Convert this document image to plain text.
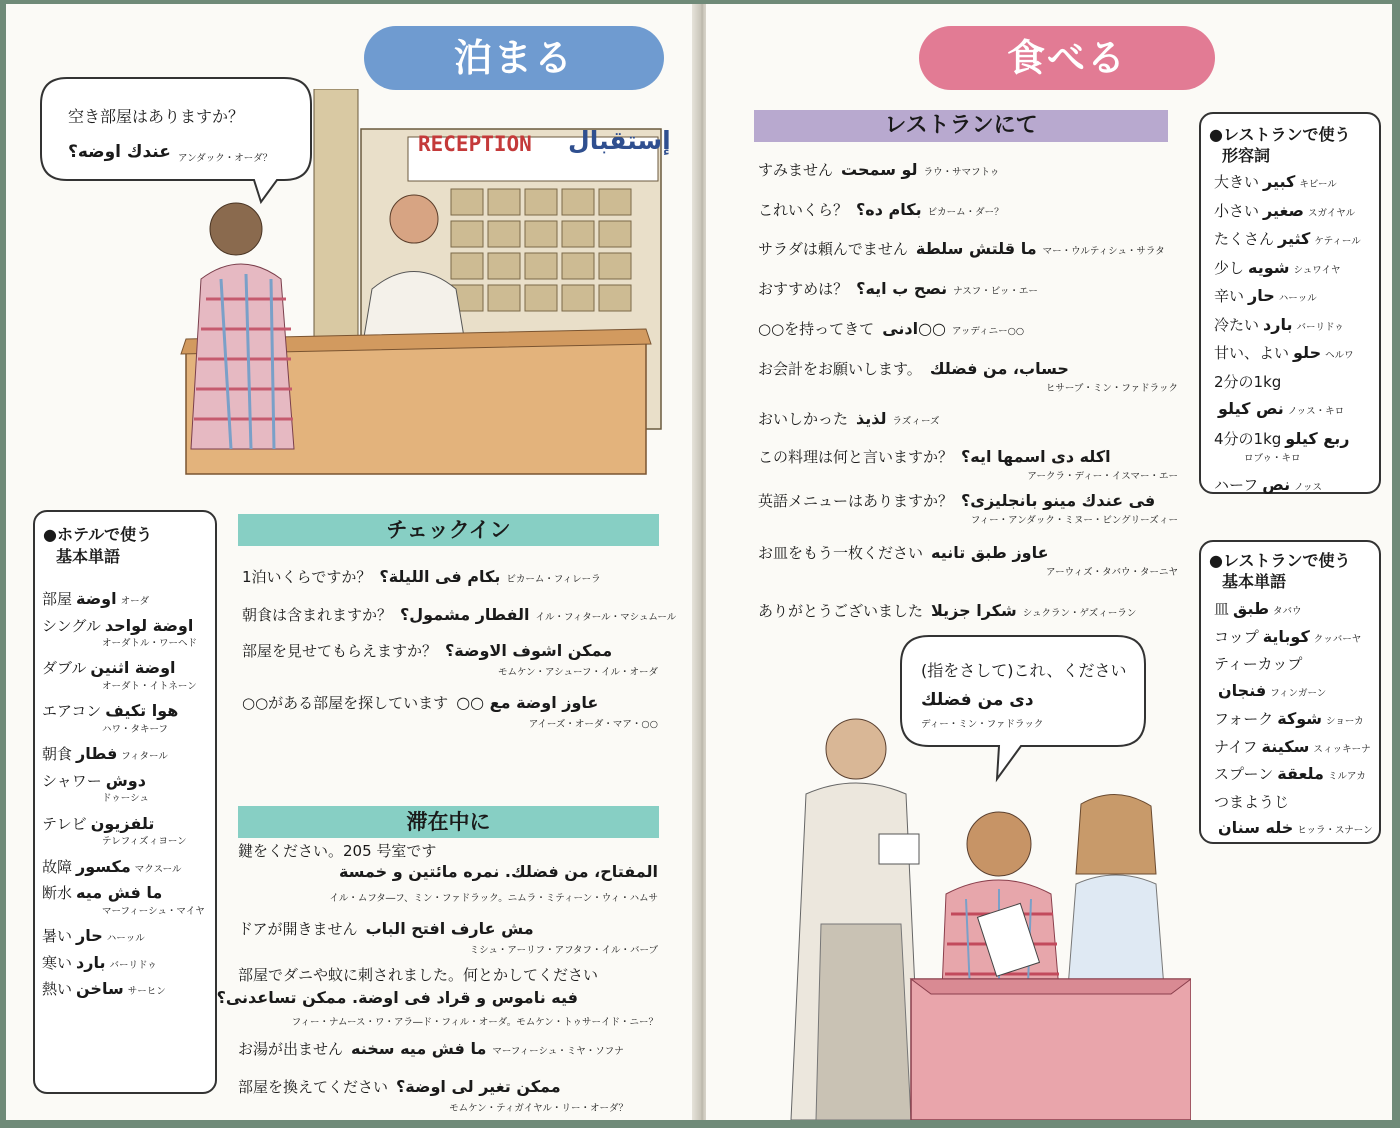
泊まる
RECEPTION إستقبال
空き部屋はありますか？
عندك اوضه؟ アンダック・オーダ？
●ホテルで使う
基本単語
部屋 اوضة オーダ
シングル اوضة لواحد
オーダトル・ワーヘド
ダブル اوضة اثنين
オーダト・イトネーン
エアコン هوا تكيف
ハワ・タキーフ
朝食 فطار フィタール
シャワー دوش
ドゥーシュ
テレビ تلفزيون
テレフィズィヨーン
故障 مكسور マクスール
断水 ما فش ميه
マーフィーシュ・マイヤ
暑い حار ハーッル
寒い بارد バーリドゥ
熱い ساخن サーヒン
チェックイン
1泊いくらですか？ بكام فى الليلة؟ ビカーム・フィレーラ
朝食は含まれますか？ الفطار مشمول؟ イル・フィタール・マシュムール
部屋を見せてもらえますか？ ممكن اشوف الاوضة؟
モムケン・アシューフ・イル・オーダ
○○がある部屋を探しています عاوز اوضة مع ○○
アイーズ・オーダ・マア・○○
滞在中に
鍵をください。205 号室です
المفتاح، من فضلك. نمره مائتين و خمسة
イル・ムフタ―フ、ミン・ファドラック。ニムラ・ミティーン・ウィ・ハムサ
ドアが開きません مش عارف افتح الباب
ミシュ・アーリフ・アフタフ・イル・バーブ
部屋でダニや蚊に刺されました。何とかしてください
فيه ناموس و قراد فى اوضة. ممكن تساعدنى؟
フィー・ナムース・ワ・アラ―ド・フィル・オーダ。モムケン・トゥサーイド・ニー？
お湯が出ません ما فش ميه سخنه マーフィーシュ・ミヤ・ソフナ
部屋を換えてください ممكن تغير لى اوضة؟
モムケン・ティガイヤル・リー・オーダ？
食べる
レストランにて
すみません لو سمحت ラウ・サマフトゥ
これいくら？ بكام ده؟ ビカーム・ダー？
サラダは頼んでません ما قلتش سلطة マー・ウルティシュ・サラタ
おすすめは？ نصح ب ايه؟ ナスフ・ビッ・エー
○○を持ってきて ○○ادنى アッディニー○○
お会計をお願いします。 حساب، من فضلك
ヒサーブ・ミン・ファドラック
おいしかった لذيذ ラズィーズ
この料理は何と言いますか？ اكله دى اسمها ايه؟
アークラ・ディー・イスマー・エー
英語メニューはありますか？ فى عندك مينو بانجليزى؟
フィー・アンダック・ミヌー・ビングリーズィー
お皿をもう一枚ください عاوز طبق تانيه
アーウィズ・タバウ・ターニヤ
ありがとうございました شكرا جزيلا シュクラン・ゲズィーラン
●レストランで使う
形容詞
大きい كبير キビール
小さい صغير スガイヤル
たくさん كثير ケティール
少し شويه シュワイヤ
辛い حار ハーッル
冷たい بارد バーリドゥ
甘い、よい حلو ヘルワ
2分の1kg
نص كيلو ノッス・キロ
4分の1kg ربع كيلو
ロブゥ・キロ
ハーフ نص ノッス
●レストランで使う
基本単語
皿 طبق タバウ
コップ كوباية クッバーヤ
ティーカップ
فنجان フィンガーン
フォーク شوكة ショーカ
ナイフ سكينة スィッキーナ
スプーン ملعقة ミルアカ
つまようじ
خله سنان ヒッラ・スナーン
(指をさして)これ、ください
دى من فضلك
ディー・ミン・ファドラック
